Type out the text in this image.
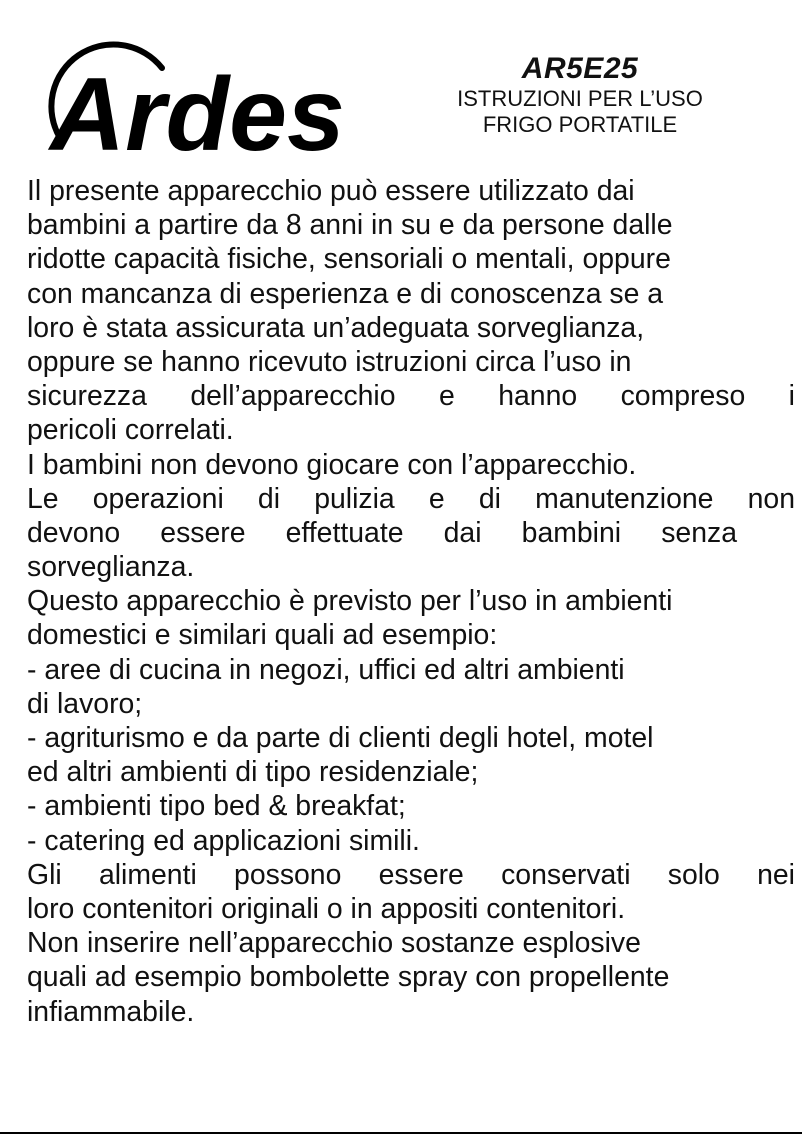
Ardes	AR5E25
ISTRUZIONI PER L’USO
FRIGO PORTATILE
Il presente apparecchio può essere utilizzato dai
bambini a partire da 8 anni in su e da persone dalle
ridotte capacità fisiche, sensoriali o mentali, oppure
con mancanza di esperienza e di conoscenza se a
loro è stata assicurata un’adeguata sorveglianza,
oppure se hanno ricevuto istruzioni circa l’uso in
sicurezza dell’apparecchio e hanno compreso i
pericoli correlati.
I bambini non devono giocare con l’apparecchio.
Le operazioni di pulizia e di manutenzione non
devono essere effettuate dai bambini senza
sorveglianza.
Questo apparecchio è previsto per l’uso in ambienti
domestici e similari quali ad esempio:
- aree di cucina in negozi, uffici ed altri ambienti
di lavoro;
- agriturismo e da parte di clienti degli hotel, motel
ed altri ambienti di tipo residenziale;
- ambienti tipo bed & breakfat;
- catering ed applicazioni simili.
Gli alimenti possono essere conservati solo nei
loro contenitori originali o in appositi contenitori.
Non inserire nell’apparecchio sostanze esplosive
quali ad esempio bombolette spray con propellente
infiammabile.
